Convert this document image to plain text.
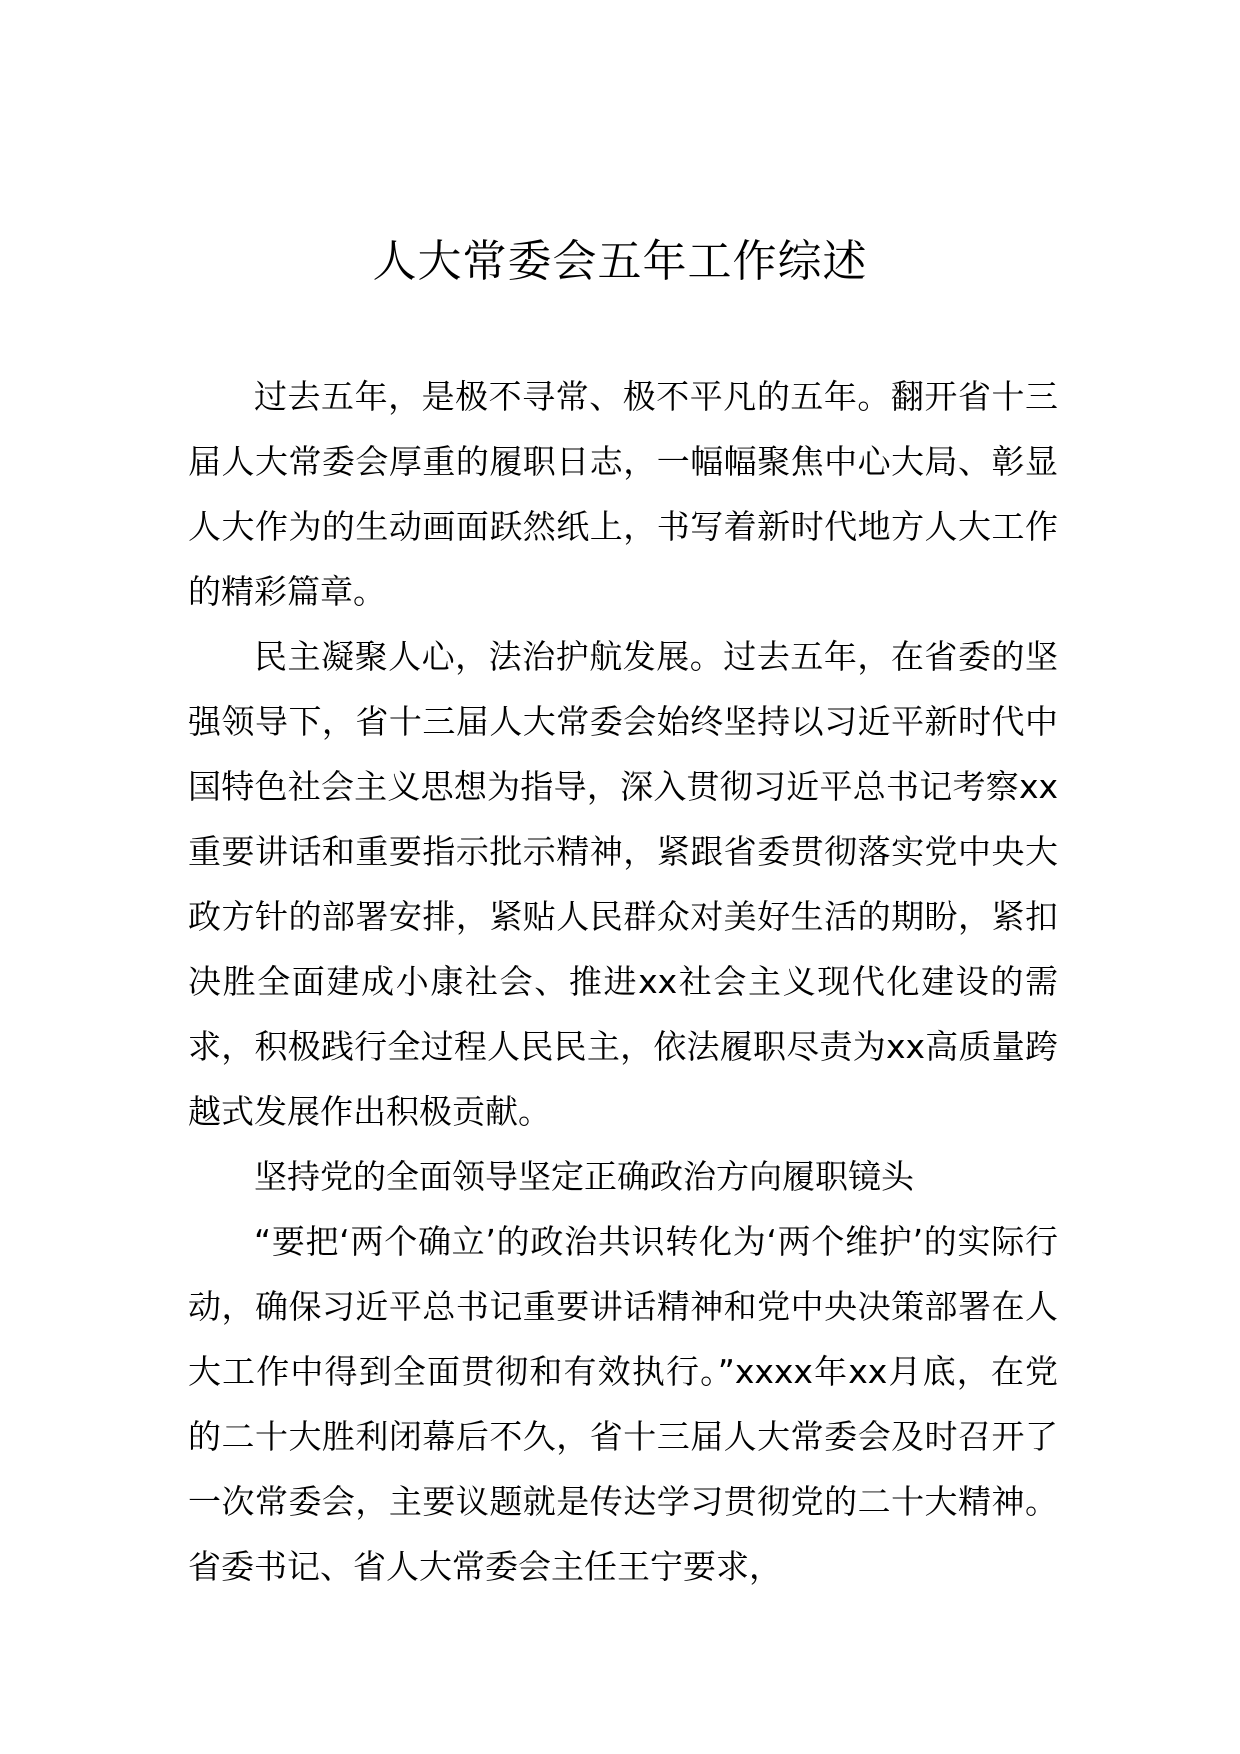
人大常委会五年工作综述

过去五年，是极不寻常、极不平凡的五年。翻开省十三届人大常委会厚重的履职日志，一幅幅聚焦中心大局、彰显人大作为的生动画面跃然纸上，书写着新时代地方人大工作的精彩篇章。

民主凝聚人心，法治护航发展。过去五年，在省委的坚强领导下，省十三届人大常委会始终坚持以习近平新时代中国特色社会主义思想为指导，深入贯彻习近平总书记考察xx重要讲话和重要指示批示精神，紧跟省委贯彻落实党中央大政方针的部署安排，紧贴人民群众对美好生活的期盼，紧扣决胜全面建成小康社会、推进xx社会主义现代化建设的需求，积极践行全过程人民民主，依法履职尽责为xx高质量跨越式发展作出积极贡献。

坚持党的全面领导坚定正确政治方向履职镜头

“要把‘两个确立’的政治共识转化为‘两个维护’的实际行动，确保习近平总书记重要讲话精神和党中央决策部署在人大工作中得到全面贯彻和有效执行。”xxxx年xx月底，在党的二十大胜利闭幕后不久，省十三届人大常委会及时召开了一次常委会，主要议题就是传达学习贯彻党的二十大精神。省委书记、省人大常委会主任王宁要求，
